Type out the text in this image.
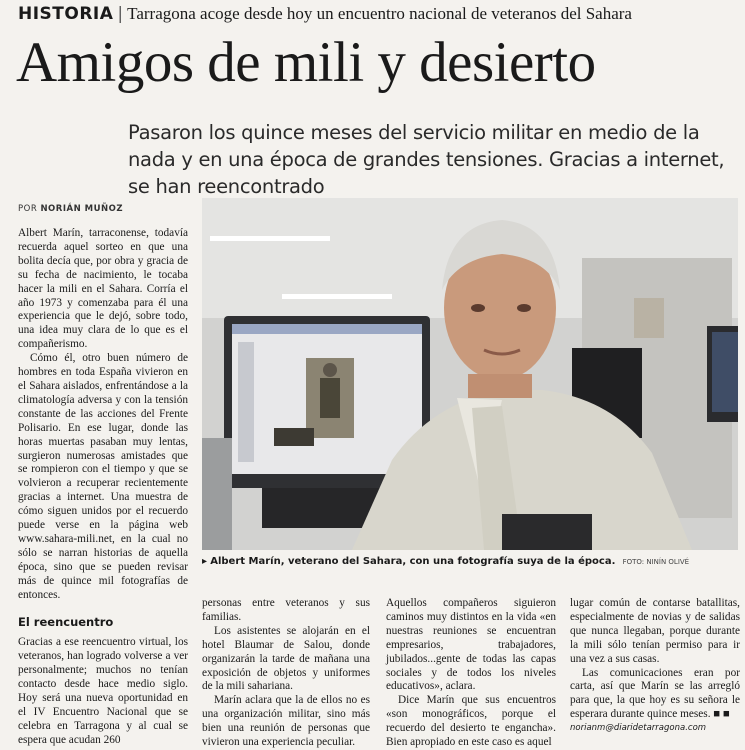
HISTORIA | Tarragona acoge desde hoy un encuentro nacional de veteranos del Sahara
Amigos de mili y desierto
Pasaron los quince meses del servicio militar en medio de la nada y en una época de grandes tensiones. Gracias a internet, se han reencontrado
POR NORIÁN MUÑOZ

Albert Marín, tarraconense, todavía recuerda aquel sorteo en que una bolita decía que, por obra y gracia de su fecha de nacimiento, le tocaba hacer la mili en el Sahara. Corría el año 1973 y comenzaba para él una experiencia que le dejó, sobre todo, una idea muy clara de lo que es el compañerismo.

Cómo él, otro buen número de hombres en toda España vivieron en el Sahara aislados, enfrentándose a la climatología adversa y con la tensión constante de las acciones del Frente Polisario. En ese lugar, donde las horas muertas pasaban muy lentas, surgieron numerosas amistades que se rompieron con el tiempo y que se volvieron a recuperar recientemente gracias a internet. Una muestra de cómo siguen unidos por el recuerdo puede verse en la página web www.sahara-mili.net, en la cual no sólo se narran historias de aquella época, sino que se pueden revisar más de quince mil fotografías de entonces.

El reencuentro

Gracias a ese reencuentro virtual, los veteranos, han logrado volverse a ver personalmente; muchos no tenían contacto desde hace medio siglo. Hoy será una nueva oportunidad en el IV Encuentro Nacional que se celebra en Tarragona y al cual se espera que acudan 260

▸ Albert Marín, veterano del Sahara, con una fotografía suya de la época. FOTO: NINÍN OLIVÉ

personas entre veteranos y sus familias.

Los asistentes se alojarán en el hotel Blaumar de Salou, donde organizarán la tarde de mañana una exposición de objetos y uniformes de la mili sahariana.

Marín aclara que la de ellos no es una organización militar, sino más bien una reunión de personas que vivieron una experiencia peculiar.

Aquellos compañeros siguieron caminos muy distintos en la vida «en nuestras reuniones se encuentran empresarios, trabajadores, jubilados...gente de todas las capas sociales y de todos los niveles educativos», aclara.

Dice Marín que sus encuentros «son monográficos, porque el recuerdo del desierto te engancha». Bien apropiado en este caso es aquel

lugar común de contarse batallitas, especialmente de novias y de salidas que nunca llegaban, porque durante la mili sólo tenían permiso para ir una vez a sus casas.

Las comunicaciones eran por carta, así que Marín se las arregló para que, la que hoy es su señora le esperara durante quince meses. ■ ■

norianm@diaridetarragona.com
